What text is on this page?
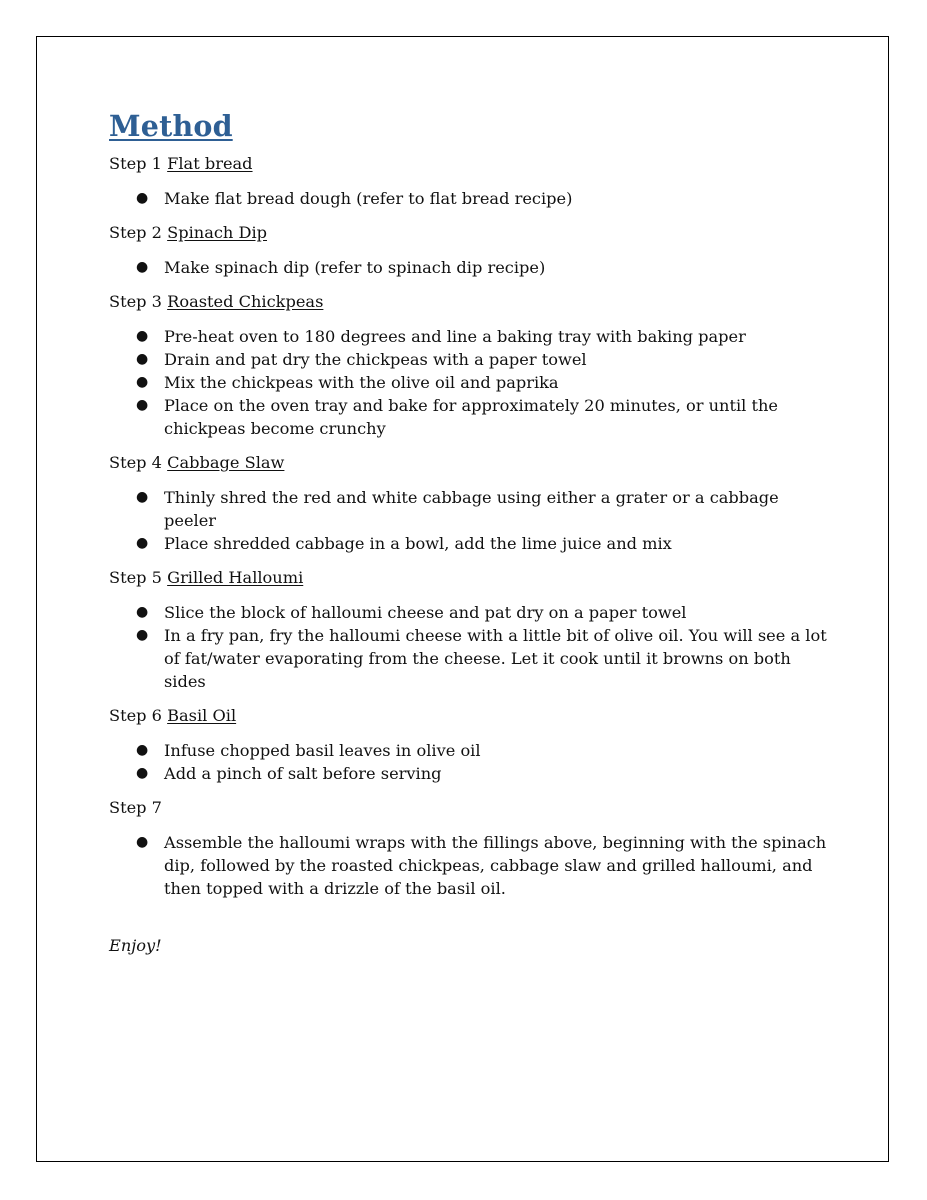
Method

Step 1 Flat bread

● Make flat bread dough (refer to flat bread recipe)

Step 2 Spinach Dip

● Make spinach dip (refer to spinach dip recipe)

Step 3 Roasted Chickpeas

● Pre-heat oven to 180 degrees and line a baking tray with baking paper
● Drain and pat dry the chickpeas with a paper towel
● Mix the chickpeas with the olive oil and paprika
● Place on the oven tray and bake for approximately 20 minutes, or until the chickpeas become crunchy

Step 4 Cabbage Slaw

● Thinly shred the red and white cabbage using either a grater or a cabbage peeler
● Place shredded cabbage in a bowl, add the lime juice and mix

Step 5 Grilled Halloumi

● Slice the block of halloumi cheese and pat dry on a paper towel
● In a fry pan, fry the halloumi cheese with a little bit of olive oil. You will see a lot of fat/water evaporating from the cheese. Let it cook until it browns on both sides

Step 6 Basil Oil

● Infuse chopped basil leaves in olive oil
● Add a pinch of salt before serving

Step 7

● Assemble the halloumi wraps with the fillings above, beginning with the spinach dip, followed by the roasted chickpeas, cabbage slaw and grilled halloumi, and then topped with a drizzle of the basil oil.
Enjoy!
